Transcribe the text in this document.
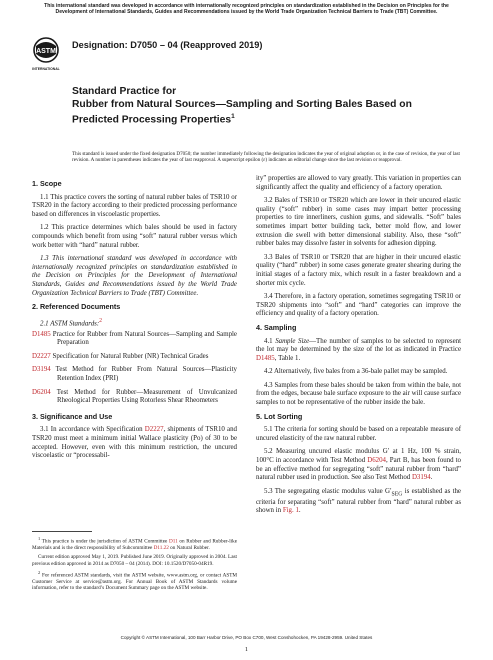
This international standard was developed in accordance with internationally recognized principles on standardization established in the Decision on Principles for the Development of International Standards, Guides and Recommendations issued by the World Trade Organization Technical Barriers to Trade (TBT) Committee.
ASTM
INTERNATIONAL
Designation: D7050 – 04 (Reapproved 2019)
Standard Practice for
Rubber from Natural Sources—Sampling and Sorting Bales Based on Predicted Processing Properties$^1$
This standard is issued under the fixed designation D7050; the number immediately following the designation indicates the year of original adoption or, in the case of revision, the year of last revision. A number in parentheses indicates the year of last reapproval. A superscript epsilon (ε) indicates an editorial change since the last revision or reapproval.
1. Scope

1.1 This practice covers the sorting of natural rubber bales of TSR10 or TSR20 in the factory according to their predicted processing performance based on differences in viscoelastic properties.

1.2 This practice determines which bales should be used in factory compounds which benefit from using “soft” natural rubber versus which work better with “hard” natural rubber.

1.3 This international standard was developed in accordance with internationally recognized principles on standardization established in the Decision on Principles for the Development of International Standards, Guides and Recommendations issued by the World Trade Organization Technical Barriers to Trade (TBT) Committee.

2. Referenced Documents

2.1 ASTM Standards:$^2$

D1485 Practice for Rubber from Natural Sources—Sampling and Sample Preparation

D2227 Specification for Natural Rubber (NR) Technical Grades

D3194 Test Method for Rubber From Natural Sources—Plasticity Retention Index (PRI)

D6204 Test Method for Rubber—Measurement of Unvulcanized Rheological Properties Using Rotorless Shear Rheometers

3. Significance and Use

3.1 In accordance with Specification D2227, shipments of TSR10 and TSR20 must meet a minimum initial Wallace plasticity (Po) of 30 to be accepted. However, even with this minimum restriction, the uncured viscoelastic or “processabil-

$^1$ This practice is under the jurisdiction of ASTM Committee D11 on Rubber and Rubber-like Materials and is the direct responsibility of Subcommittee D11.22 on Natural Rubber.

Current edition approved May 1, 2019. Published June 2019. Originally approved in 2004. Last previous edition approved in 2014 as D7050 – 04 (2014). DOI: 10.1520/D7050-04R19.

$^2$ For referenced ASTM standards, visit the ASTM website, www.astm.org, or contact ASTM Customer Service at service@astm.org. For Annual Book of ASTM Standards volume information, refer to the standard’s Document Summary page on the ASTM website.

ity” properties are allowed to vary greatly. This variation in properties can significantly affect the quality and efficiency of a factory operation.

3.2 Bales of TSR10 or TSR20 which are lower in their uncured elastic quality (“soft” rubber) in some cases may impart better processing properties to tire innerliners, cushion gums, and sidewalls. “Soft” bales sometimes impart better building tack, better mold flow, and lower extrusion die swell with better dimensional stability. Also, these “soft” rubber bales may dissolve faster in solvents for adhesion dipping.

3.3 Bales of TSR10 or TSR20 that are higher in their uncured elastic quality (“hard” rubber) in some cases generate greater shearing during the initial stages of a factory mix, which result in a faster breakdown and a shorter mix cycle.

3.4 Therefore, in a factory operation, sometimes segregating TSR10 or TSR20 shipments into “soft” and “hard” categories can improve the efficiency and quality of a factory operation.

4. Sampling

4.1 Sample Size—The number of samples to be selected to represent the lot may be determined by the size of the lot as indicated in Practice D1485, Table 1.

4.2 Alternatively, five bales from a 36-bale pallet may be sampled.

4.3 Samples from these bales should be taken from within the bale, not from the edges, because bale surface exposure to the air will cause surface samples to not be representative of the rubber inside the bale.

5. Lot Sorting

5.1 The criteria for sorting should be based on a repeatable measure of uncured elasticity of the raw natural rubber.

5.2 Measuring uncured elastic modulus G′ at 1 Hz, 100 % strain, 100°C in accordance with Test Method D6204, Part B, has been found to be an effective method for segregating “soft” natural rubber from “hard” natural rubber used in production. See also Test Method D3194.

5.3 The segregating elastic modulus value $G'_{SEG}$ is established as the criteria for separating “soft” natural rubber from “hard” natural rubber as shown in Fig. 1.

Copyright © ASTM International, 100 Barr Harbor Drive, PO Box C700, West Conshohocken, PA 19428-2959. United States
1
